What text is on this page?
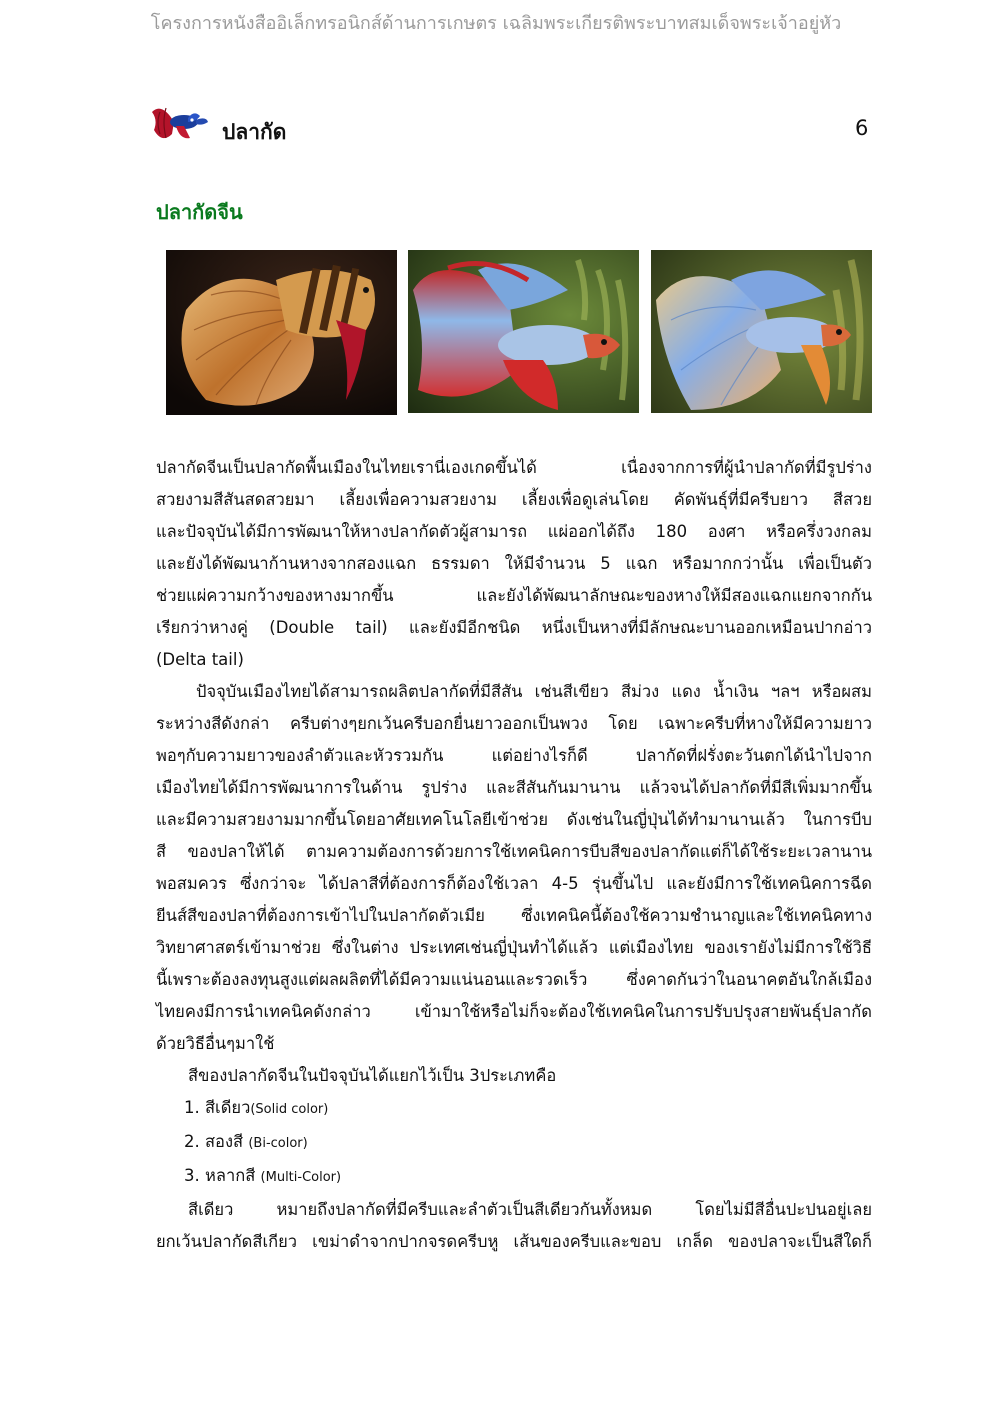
โครงการหนังสืออิเล็กทรอนิกส์ด้านการเกษตร เฉลิมพระเกียรติพระบาทสมเด็จพระเจ้าอยู่หัว
ปลากัด	6
ปลากัดจีน

ปลากัดจีนเป็นปลากัดพื้นเมืองในไทยเรานี่เองเกดขึ้นได้ เนื่องจากการที่ผู้นำปลากัดที่มีรูปร่าง

สวยงามสีสันสดสวยมา เลี้ยงเพื่อความสวยงาม เลี้ยงเพื่อดูเล่นโดย คัดพันธุ์ที่มีครีบยาว สีสวย

และปัจจุบันได้มีการพัฒนาให้หางปลากัดตัวผู้สามารถ แผ่ออกได้ถึง 180 องศา หรือครึ่งวงกลม

และยังได้พัฒนาก้านหางจากสองแฉก ธรรมดา ให้มีจำนวน 5 แฉก หรือมากกว่านั้น เพื่อเป็นตัว

ช่วยแผ่ความกว้างของหางมากขึ้น และยังได้พัฒนาลักษณะของหางให้มีสองแฉกแยกจากกัน

เรียกว่าหางคู่ (Double tail) และยังมีอีกชนิด หนึ่งเป็นหางที่มีลักษณะบานออกเหมือนปากอ่าว

(Delta tail)

ปัจจุบันเมืองไทยได้สามารถผลิตปลากัดที่มีสีสัน เช่นสีเขียว สีม่วง แดง น้ำเงิน ฯลฯ หรือผสม

ระหว่างสีดังกล่า ครีบต่างๆยกเว้นครีบอกยื่นยาวออกเป็นพวง โดย เฉพาะครีบที่หางให้มีความยาว

พอๆกับความยาวของลำตัวและหัวรวมกัน แต่อย่างไรก็ดี ปลากัดที่ฝรั่งตะวันตกได้นำไปจาก

เมืองไทยได้มีการพัฒนาการในด้าน รูปร่าง และสีสันกันมานาน แล้วจนได้ปลากัดที่มีสีเพิ่มมากขึ้น

และมีความสวยงามมากขึ้นโดยอาศัยเทคโนโลยีเข้าช่วย ดังเช่นในญี่ปุ่นได้ทำมานานเล้ว ในการบีบ

สี ของปลาให้ได้ ตามความต้องการด้วยการใช้เทคนิคการบีบสีของปลากัดแต่ก็ได้ใช้ระยะเวลานาน

พอสมควร ซึ่งกว่าจะ ได้ปลาสีที่ต้องการก็ต้องใช้เวลา 4-5 รุ่นขึ้นไป และยังมีการใช้เทคนิคการฉีด

ยีนส์สีของปลาที่ต้องการเข้าไปในปลากัดตัวเมีย ซึ่งเทคนิคนี้ต้องใช้ความชำนาญและใช้เทคนิคทาง

วิทยาศาสตร์เข้ามาช่วย ซึ่งในต่าง ประเทศเช่นญี่ปุ่นทำได้แล้ว แต่เมืองไทย ของเรายังไม่มีการใช้วิธี

นี้เพราะต้องลงทุนสูงแต่ผลผลิตที่ได้มีความแน่นอนและรวดเร็ว ซึ่งคาดกันว่าในอนาคตอันใกล้เมือง

ไทยคงมีการนำเทคนิคดังกล่าว เข้ามาใช้หรือไม่ก็จะต้องใช้เทคนิคในการปรับปรุงสายพันธุ์ปลากัด

ด้วยวิธีอื่นๆมาใช้

สีของปลากัดจีนในปัจจุบันได้แยกไว้เป็น 3ประเภทคือ

1. สีเดียว(Solid color)

2. สองสี (Bi-color)

3. หลากสี (Multi-Color)

สีเดียว หมายถึงปลากัดที่มีครีบและลำตัวเป็นสีเดียวกันทั้งหมด โดยไม่มีสีอื่นปะปนอยู่เลย

ยกเว้นปลากัดสีเกียว เขม่าดำจากปากจรดครีบหู เส้นของครีบและขอบ เกล็ด ของปลาจะเป็นสีใดก็
